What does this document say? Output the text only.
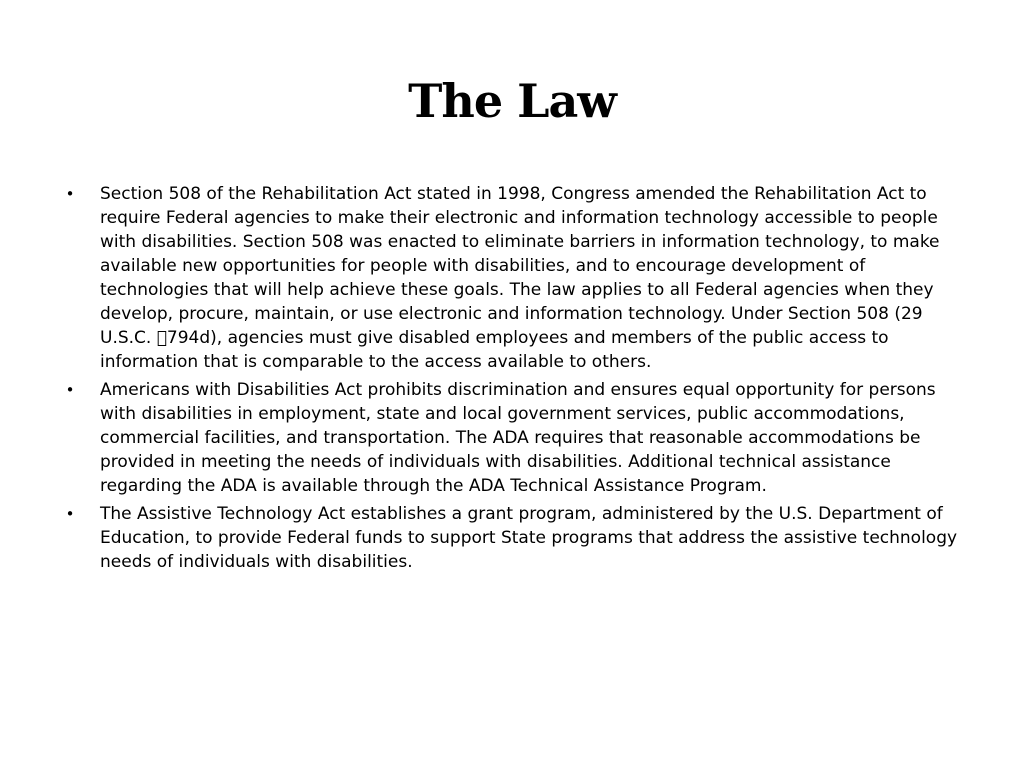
The Law
•	Section 508 of the Rehabilitation Act stated in 1998, Congress amended the Rehabilitation Act to require Federal agencies to make their electronic and information technology accessible to people with disabilities. Section 508 was enacted to eliminate barriers in information technology, to make available new opportunities for people with disabilities, and to encourage development of technologies that will help achieve these goals. The law applies to all Federal agencies when they develop, procure, maintain, or use electronic and information technology. Under Section 508 (29 U.S.C.  794d), agencies must give disabled employees and members of the public access to information that is comparable to the access available to others.
•	Americans with Disabilities Act prohibits discrimination and ensures equal opportunity for persons with disabilities in employment, state and local government services, public accommodations, commercial facilities, and transportation. The ADA requires that reasonable accommodations be provided in meeting the needs of individuals with disabilities. Additional technical assistance regarding the ADA is available through the ADA Technical Assistance Program.
•	The Assistive Technology Act establishes a grant program, administered by the U.S. Department of Education, to provide Federal funds to support State programs that address the assistive technology needs of individuals with disabilities.
